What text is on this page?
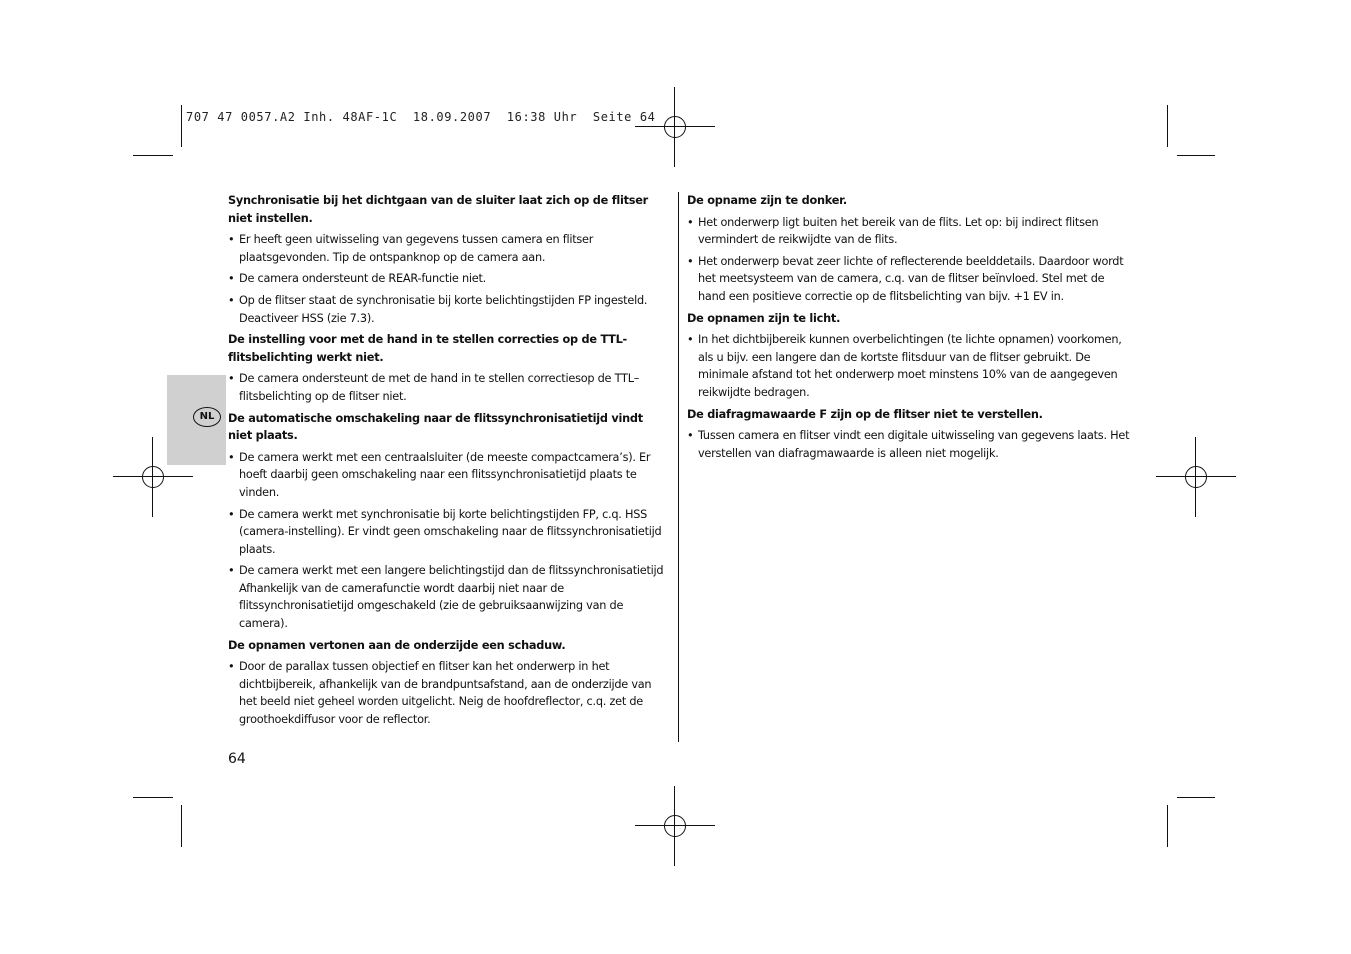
707 47 0057.A2 Inh. 48AF-1C  18.09.2007  16:38 Uhr  Seite 64
NL

Synchronisatie bij het dichtgaan van de sluiter laat zich op de flitser niet instellen.

• Er heeft geen uitwisseling van gegevens tussen camera en flitser plaatsgevonden. Tip de ontspanknop op de camera aan.

• De camera ondersteunt de REAR-functie niet.

• Op de flitser staat de synchronisatie bij korte belichtingstijden FP ingesteld. Deactiveer HSS (zie 7.3).

De instelling voor met de hand in te stellen correcties op de TTL-flitsbelichting werkt niet.

• De camera ondersteunt de met de hand in te stellen correctiesop de TTL–flitsbelichting op de flitser niet.

De automatische omschakeling naar de flitssynchronisatietijd vindt niet plaats.

• De camera werkt met een centraalsluiter (de meeste compactcamera’s). Er hoeft daarbij geen omschakeling naar een flitssynchronisatietijd plaats te vinden.

• De camera werkt met synchronisatie bij korte belichtingstijden FP, c.q. HSS (camera-instelling). Er vindt geen omschakeling naar de flitssynchronisatietijd plaats.

• De camera werkt met een langere belichtingstijd dan de flitssynchronisatietijd Afhankelijk van de camerafunctie wordt daarbij niet naar de flitssynchronisatietijd omgeschakeld (zie de gebruiksaanwijzing van de camera).

De opnamen vertonen aan de onderzijde een schaduw.

• Door de parallax tussen objectief en flitser kan het onderwerp in het dichtbijbereik, afhankelijk van de brandpuntsafstand, aan de onderzijde van het beeld niet geheel worden uitgelicht. Neig de hoofdreflector, c.q. zet de groothoekdiffusor voor de reflector.

De opname zijn te donker.

• Het onderwerp ligt buiten het bereik van de flits. Let op: bij indirect flitsen vermindert de reikwijdte van de flits.

• Het onderwerp bevat zeer lichte of reflecterende beelddetails. Daardoor wordt het meetsysteem van de camera, c.q. van de flitser beïnvloed. Stel met de hand een positieve correctie op de flitsbelichting van bijv. +1 EV in.

De opnamen zijn te licht.

• In het dichtbijbereik kunnen overbelichtingen (te lichte opnamen) voorkomen, als u bijv. een langere dan de kortste flitsduur van de flitser gebruikt. De minimale afstand tot het onderwerp moet minstens 10% van de aangegeven reikwijdte bedragen.

De diafragmawaarde F zijn op de flitser niet te verstellen.

• Tussen camera en flitser vindt een digitale uitwisseling van gegevens laats. Het verstellen van diafragmawaarde is alleen niet mogelijk.

64
